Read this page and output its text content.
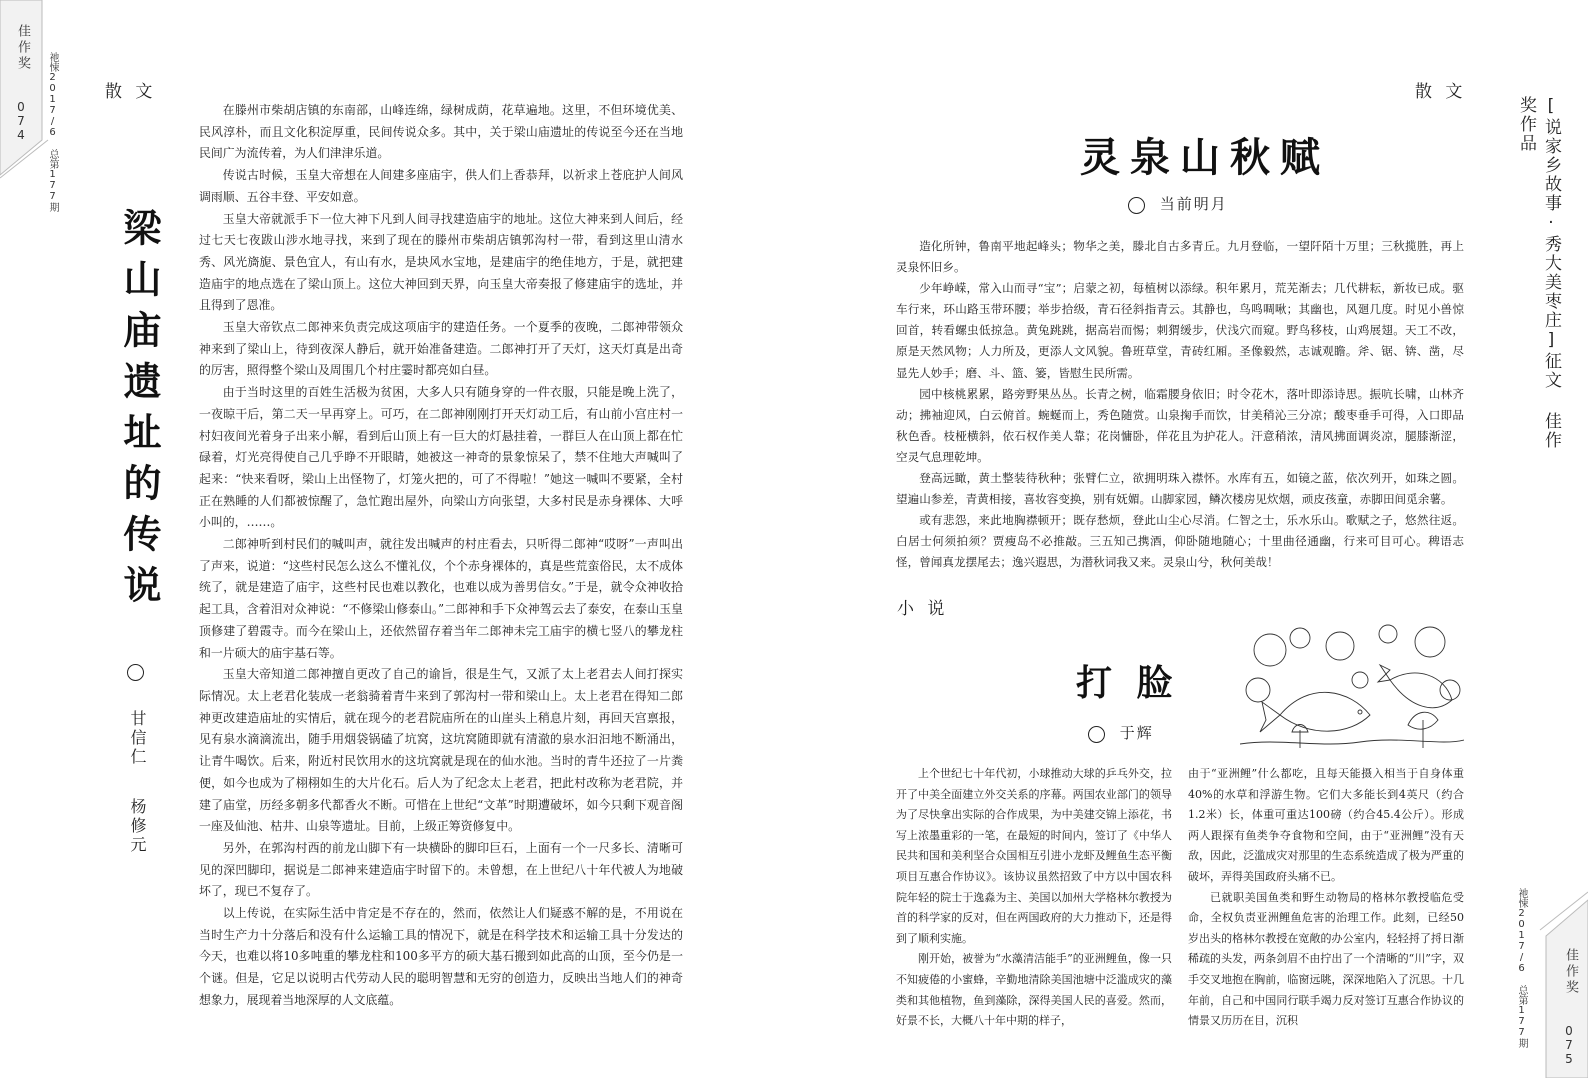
佳作奖
074 祂悚2017/6 总第177期	散 文
梁山庙遗址的传说
甘信仁
杨修元

在滕州市柴胡店镇的东南部，山峰连绵，绿树成荫，花草遍地。这里，不但环境优美、民风淳朴，而且文化积淀厚重，民间传说众多。其中，关于梁山庙遗址的传说至今还在当地民间广为流传着，为人们津津乐道。

传说古时候，玉皇大帝想在人间建多座庙宇，供人们上香恭拜，以祈求上苍庇护人间风调雨顺、五谷丰登、平安如意。

玉皇大帝就派手下一位大神下凡到人间寻找建造庙宇的地址。这位大神来到人间后，经过七天七夜跋山涉水地寻找，来到了现在的滕州市柴胡店镇郭沟村一带，看到这里山清水秀、风光旖旎、景色宜人，有山有水，是块风水宝地，是建庙宇的绝佳地方，于是，就把建造庙宇的地点选在了梁山顶上。这位大神回到天界，向玉皇大帝奏报了修建庙宇的选址，并且得到了恩准。

玉皇大帝钦点二郎神来负责完成这项庙宇的建造任务。一个夏季的夜晚，二郎神带领众神来到了梁山上，待到夜深人静后，就开始准备建造。二郎神打开了天灯，这天灯真是出奇的厉害，照得整个梁山及周围几个村庄霎时都亮如白昼。

由于当时这里的百姓生活极为贫困，大多人只有随身穿的一件衣服，只能是晚上洗了，一夜晾干后，第二天一早再穿上。可巧，在二郎神刚刚打开天灯动工后，有山前小宫庄村一村妇夜间光着身子出来小解，看到后山顶上有一巨大的灯悬挂着，一群巨人在山顶上都在忙碌着，灯光亮得使自己几乎睁不开眼睛，她被这一神奇的景象惊呆了，禁不住地大声喊叫了起来：“快来看呀，梁山上出怪物了，灯笼火把的，可了不得啦！”她这一喊叫不要紧，全村正在熟睡的人们都被惊醒了，急忙跑出屋外，向梁山方向张望，大多村民是赤身裸体、大呼小叫的，……。

二郎神听到村民们的喊叫声，就往发出喊声的村庄看去，只听得二郎神“哎呀”一声叫出了声来，说道：“这些村民怎么这么不懂礼仪，个个赤身裸体的，真是些荒蛮俗民，太不成体统了，就是建造了庙宇，这些村民也难以教化，也难以成为善男信女。”于是，就令众神收拾起工具，含着泪对众神说：“不修梁山修泰山。”二郎神和手下众神驾云去了泰安，在泰山玉皇顶修建了碧霞寺。而今在梁山上，还依然留存着当年二郎神未完工庙宇的横七竖八的攀龙柱和一片硕大的庙宇基石等。

玉皇大帝知道二郎神擅自更改了自己的谕旨，很是生气，又派了太上老君去人间打探实际情况。太上老君化装成一老翁骑着青牛来到了郭沟村一带和梁山上。太上老君在得知二郎神更改建造庙址的实情后，就在现今的老君院庙所在的山崖头上稍息片刻，再回天宫禀报，见有泉水滴滴流出，随手用烟袋锅磕了坑窝，这坑窝随即就有清澈的泉水汩汩地不断涌出，让青牛喝饮。后来，附近村民饮用水的这坑窝就是现在的仙水池。当时的青牛还拉了一片粪便，如今也成为了栩栩如生的大片化石。后人为了纪念太上老君，把此村改称为老君院，并建了庙堂，历经多朝多代都香火不断。可惜在上世纪“文革”时期遭破坏，如今只剩下观音阁一座及仙池、枯井、山泉等遗址。目前，上级正筹资修复中。

另外，在郭沟村西的前龙山脚下有一块横卧的脚印巨石，上面有一个一尺多长、清晰可见的深凹脚印，据说是二郎神来建造庙宇时留下的。未曾想，在上世纪八十年代被人为地破坏了，现已不复存了。

以上传说，在实际生活中肯定是不存在的，然而，依然让人们疑惑不解的是，不用说在当时生产力十分落后和没有什么运输工具的情况下，就是在科学技术和运输工具十分发达的今天，也难以将10多吨重的攀龙柱和100多平方的硕大基石搬到如此高的山顶，至今仍是一个谜。但是，它足以说明古代劳动人民的聪明智慧和无穷的创造力，反映出当地人们的神奇想象力，展现着当地深厚的人文底蕴。

散 文
[说家乡故事·秀大美枣庄]征文 佳作奖作品
灵泉山秋赋
当前明月

造化所钟，鲁南平地起峰头；物华之美，滕北自古多青丘。九月登临，一望阡陌十万里；三秋揽胜，再上灵泉怀旧乡。

少年峥嵘，常入山而寻“宝”；启蒙之初，每植树以添绿。积年累月，荒芜渐去；几代耕耘，新妆已成。驱车行来，环山路玉带环腰；举步拾级，青石径斜指青云。其静也，鸟鸣啁啾；其幽也，风廻几度。时见小兽惊回首，转看螺虫低掠急。黄兔跳跳，据高岩而惕；刺猬缓步，伏浅穴而窥。野鸟移枝，山鸡展翅。天工不改，原是天然风物；人力所及，更添人文风貌。鲁班草堂，青砖红厢。圣像毅然，志诚观瞻。斧、锯、锛、凿，尽显先人妙手；磨、斗、篮、篓，皆慰生民所需。

园中核桃累累，路旁野果丛丛。长青之树，临霜腰身依旧；时令花木，落叶即添诗思。振吭长啸，山林齐动；拂袖迎风，白云俯首。蜿蜒而上，秀色随赏。山泉掬手而饮，甘美稍沁三分凉；酸枣垂手可得，入口即品秋色香。枝桠横斜，依石权作美人靠；花岗慵卧，佯花且为护花人。汗意稍浓，清风拂面调炎凉，腿膝渐涩，空灵气息理乾坤。

登高远瞰，黄土整装待秋种；张臂仁立，欲拥明珠入襟怀。水库有五，如镜之蓝，依次列开，如珠之圆。望遍山参差，青黄相接，喜妆容变换，别有妩媚。山脚家园，鳞次楼房见炊烟，顽皮孩童，赤脚田间觅余薯。

或有悲怨，来此地胸襟顿开；既存愁烦，登此山尘心尽消。仁智之士，乐水乐山。歌赋之子，悠然往返。白居士何须拍须？贾瘦岛不必推敲。三五知己携酒，仰卧随地随心；十里曲径通幽，行来可目可心。稗语志怪，曾闻真龙摆尾去；逸兴遐思，为潜秋词我又来。灵泉山兮，秋何美哉！

小 说
打 脸
于辉

上个世纪七十年代初，小球推动大球的乒乓外交，拉开了中美全面建立外交关系的序幕。两国农业部门的领导为了尽快拿出实际的合作成果，为中美建交锦上添花，书写上浓墨重彩的一笔，在最短的时间内，签订了《中华人民共和国和美利坚合众国相互引进小龙虾及鲤鱼生态平衡项目互惠合作协议》。该协议虽然招致了中方以中国农科院年轻的院士于逸淼为主、美国以加州大学格林尔教授为首的科学家的反对，但在两国政府的大力推动下，还是得到了顺利实施。

刚开始，被誉为“水藻清洁能手”的亚洲鲤鱼，像一只不知疲倦的小蜜蜂，辛勤地清除美国池塘中泛滥成灾的藻类和其他植物，鱼到藻除，深得美国人民的喜爱。然而，好景不长，大概八十年中期的样子，

由于“亚洲鲤”什么都吃，且每天能摄入相当于自身体重40%的水草和浮游生物。它们大多能长到4英尺（约合1.2米）长，体重可重达100磅（约合45.4公斤）。形成两人跟探有鱼类争夺食物和空间，由于“亚洲鲤”没有天敌，因此，泛滥成灾对那里的生态系统造成了极为严重的破坏，弄得美国政府头痛不已。

已就职美国鱼类和野生动物局的格林尔教授临危受命，全权负责亚洲鲤鱼危害的治理工作。此刻，已经50岁出头的格林尔教授在宽敞的办公室内，轻轻捋了捋日渐稀疏的头发，两条剑眉不由拧出了一个清晰的“川”字，双手交叉地抱在胸前，临窗远眺，深深地陷入了沉思。十几年前，自己和中国同行联手竭力反对签订互惠合作协议的情景又历历在目，沉积	祂悚2017/6 总第177期	佳作奖
075
